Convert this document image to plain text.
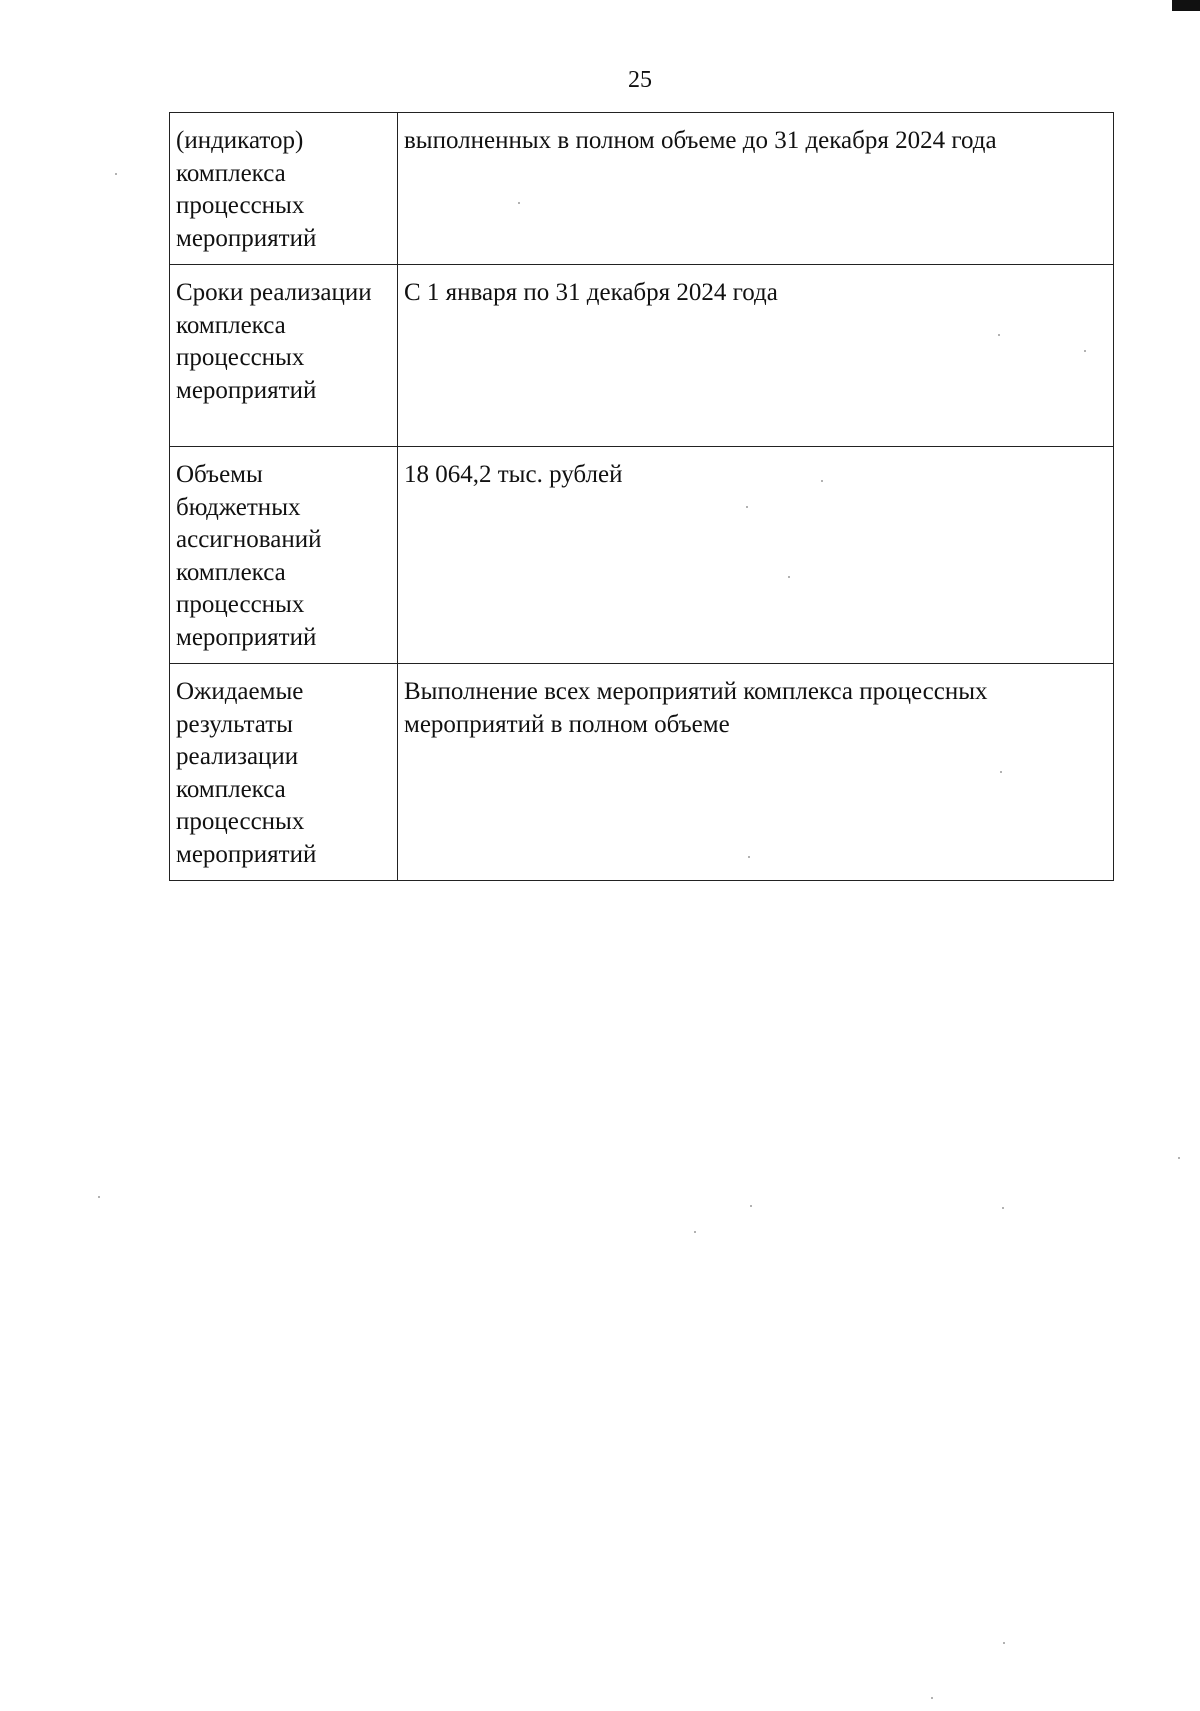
25
(индикатор) комплекса процессных мероприятий	выполненных в полном объеме до 31 декабря 2024 года
Сроки реализации комплекса процессных мероприятий	С 1 января по 31 декабря 2024 года
Объемы бюджетных ассигнований комплекса процессных мероприятий	18 064,2 тыс. рублей
Ожидаемые результаты реализации комплекса процессных мероприятий	Выполнение всех мероприятий комплекса процессных мероприятий в полном объеме
